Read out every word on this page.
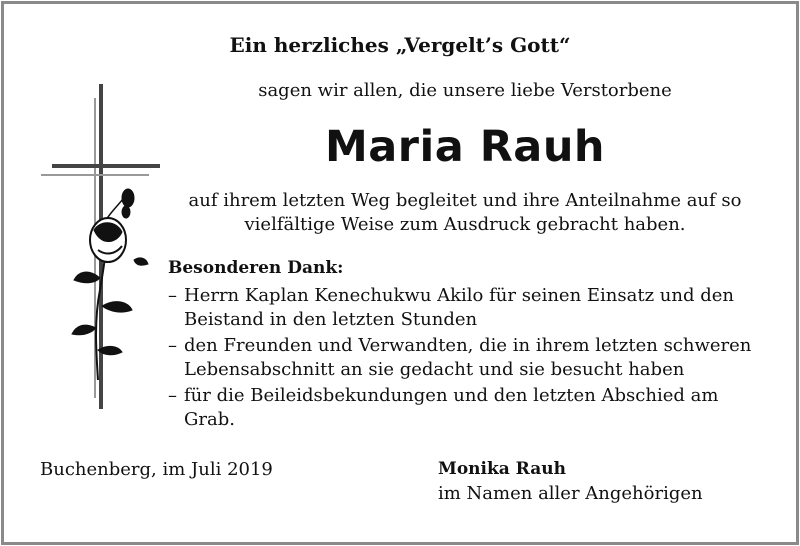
Ein herzliches „Vergelt’s Gott“
sagen wir allen, die unsere liebe Verstorbene
Maria Rauh
auf ihrem letzten Weg begleitet und ihre Anteilnahme auf so
vielfältige Weise zum Ausdruck gebracht haben.
Besonderen Dank:
– Herrn Kaplan Kenechukwu Akilo für seinen Einsatz und den
Beistand in den letzten Stunden
– den Freunden und Verwandten, die in ihrem letzten schweren
Lebensabschnitt an sie gedacht und sie besucht haben
– für die Beileidsbekundungen und den letzten Abschied am
Grab.
Buchenberg, im Juli 2019	Monika Rauh
im Namen aller Angehörigen
